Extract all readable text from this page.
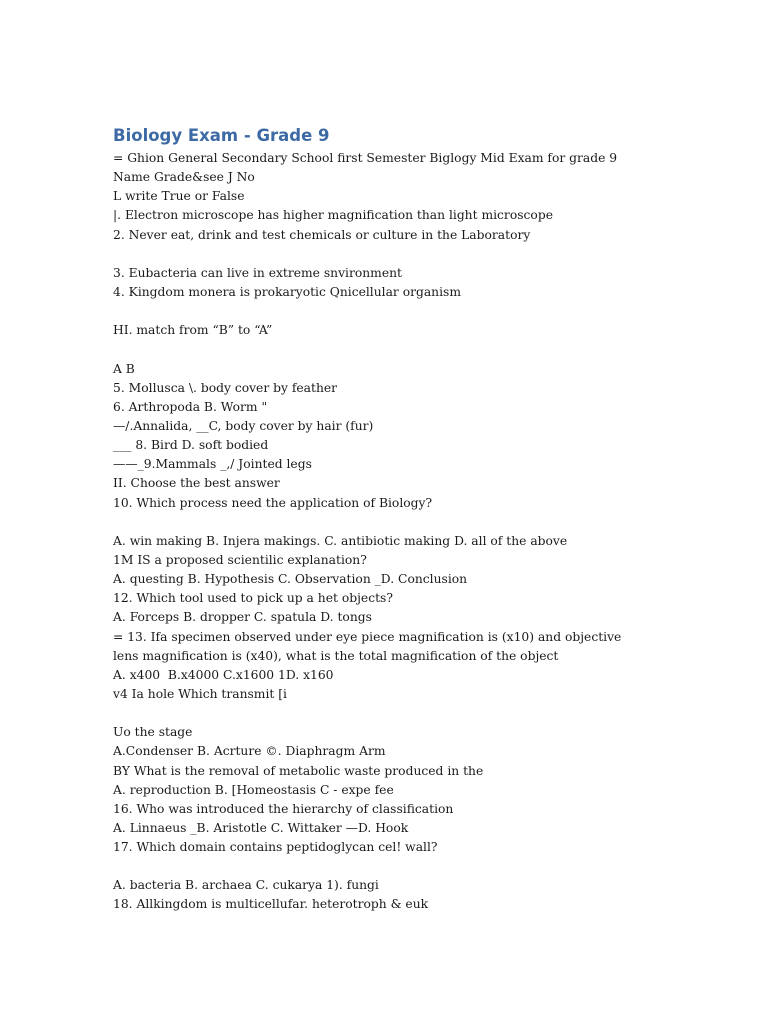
Biology Exam - Grade 9
= Ghion General Secondary School first Semester Biglogy Mid Exam for grade 9
Name Grade&see J No
L write True or False
|. Electron microscope has higher magnification than light microscope
2. Never eat, drink and test chemicals or culture in the Laboratory
3. Eubacteria can live in extreme snvironment
4. Kingdom monera is prokaryotic Qnicellular organism
HI. match from “B” to “A”
A B
5. Mollusca \. body cover by feather
6. Arthropoda B. Worm "
—/.Annalida, __C, body cover by hair (fur)
___ 8. Bird D. soft bodied
——_9.Mammals _,/ Jointed legs
II. Choose the best answer
10. Which process need the application of Biology?
A. win making B. Injera makings. C. antibiotic making D. all of the above
1M IS a proposed scientilic explanation?
A. questing B. Hypothesis C. Observation _D. Conclusion
12. Which tool used to pick up a het objects?
A. Forceps B. dropper C. spatula D. tongs
= 13. Ifa specimen observed under eye piece magnification is (x10) and objective
lens magnification is (x40), what is the total magnification of the object
A. x400  B.x4000 C.x1600 1D. x160
v4 Ia hole Which transmit [i
Uo the stage
A.Condenser B. Acrture ©. Diaphragm Arm
BY What is the removal of metabolic waste produced in the
A. reproduction B. [Homeostasis C - expe fee
16. Who was introduced the hierarchy of classification
A. Linnaeus _B. Aristotle C. Wittaker —D. Hook
17. Which domain contains peptidoglycan cel! wall?
A. bacteria B. archaea C. cukarya 1). fungi
18. Allkingdom is multicellufar. heterotroph & euk
